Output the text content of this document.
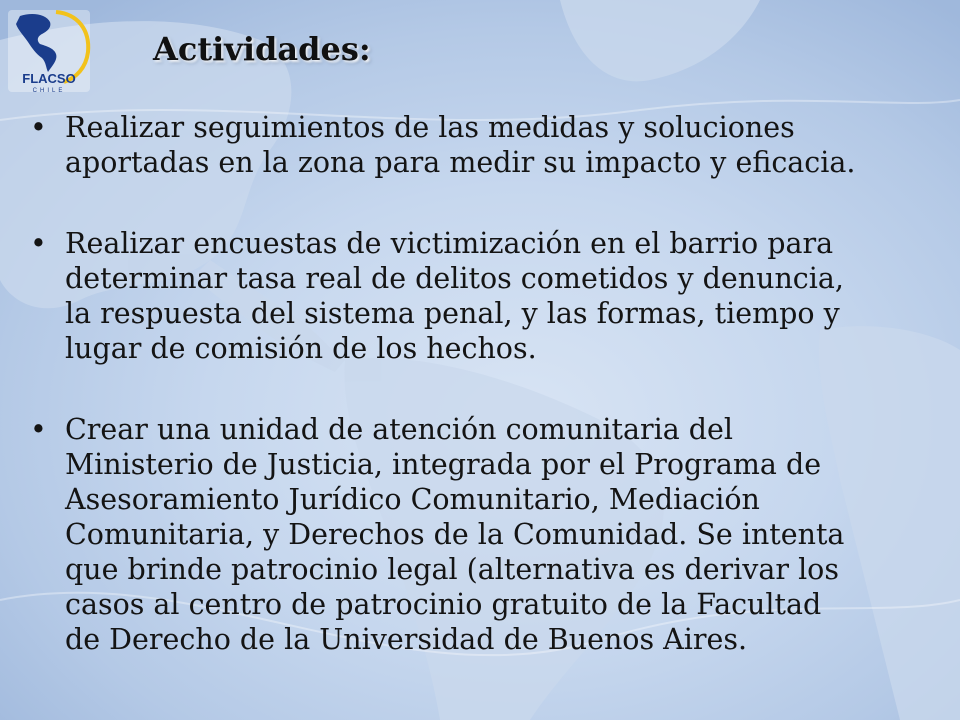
FLACSO
CHILE
Actividades:
• Realizar seguimientos de las medidas y soluciones
aportadas en la zona para medir su impacto y eficacia.
• Realizar encuestas de victimización en el barrio para
determinar tasa real de delitos cometidos y denuncia,
la respuesta del sistema penal, y las formas, tiempo y
lugar de comisión de los hechos.
• Crear una unidad de atención comunitaria del
Ministerio de Justicia, integrada por el Programa de
Asesoramiento Jurídico Comunitario, Mediación
Comunitaria, y Derechos de la Comunidad. Se intenta
que brinde patrocinio legal (alternativa es derivar los
casos al centro de patrocinio gratuito de la Facultad
de Derecho de la Universidad de Buenos Aires.
